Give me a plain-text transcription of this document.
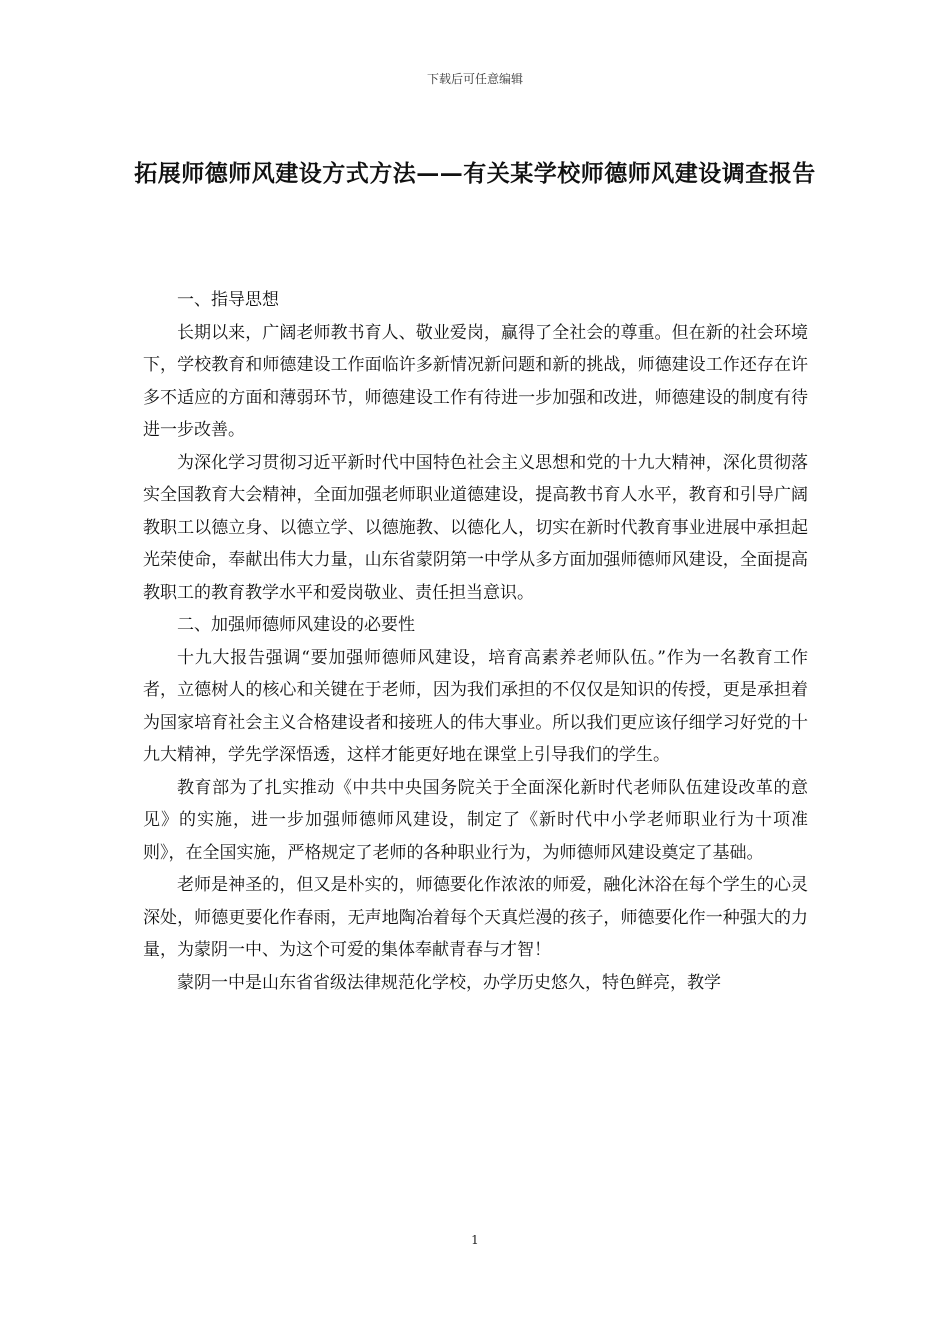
下载后可任意编辑
拓展师德师风建设方式方法——有关某学校师德师风建设调查报告

一、指导思想

长期以来，广阔老师教书育人、敬业爱岗，赢得了全社会的尊重。但在新的社会环境下，学校教育和师德建设工作面临许多新情况新问题和新的挑战，师德建设工作还存在许多不适应的方面和薄弱环节，师德建设工作有待进一步加强和改进，师德建设的制度有待进一步改善。

为深化学习贯彻习近平新时代中国特色社会主义思想和党的十九大精神，深化贯彻落实全国教育大会精神，全面加强老师职业道德建设，提高教书育人水平，教育和引导广阔教职工以德立身、以德立学、以德施教、以德化人，切实在新时代教育事业进展中承担起光荣使命，奉献出伟大力量，山东省蒙阴第一中学从多方面加强师德师风建设，全面提高教职工的教育教学水平和爱岗敬业、责任担当意识。

二、加强师德师风建设的必要性

十九大报告强调“要加强师德师风建设，培育高素养老师队伍。”作为一名教育工作者，立德树人的核心和关键在于老师，因为我们承担的不仅仅是知识的传授，更是承担着为国家培育社会主义合格建设者和接班人的伟大事业。所以我们更应该仔细学习好党的十九大精神，学先学深悟透，这样才能更好地在课堂上引导我们的学生。

教育部为了扎实推动《中共中央国务院关于全面深化新时代老师队伍建设改革的意见》的实施，进一步加强师德师风建设，制定了《新时代中小学老师职业行为十项准则》，在全国实施，严格规定了老师的各种职业行为，为师德师风建设奠定了基础。

老师是神圣的，但又是朴实的，师德要化作浓浓的师爱，融化沐浴在每个学生的心灵深处，师德更要化作春雨，无声地陶冶着每个天真烂漫的孩子，师德要化作一种强大的力量，为蒙阴一中、为这个可爱的集体奉献青春与才智！

蒙阴一中是山东省省级法律规范化学校，办学历史悠久，特色鲜亮，教学

1
